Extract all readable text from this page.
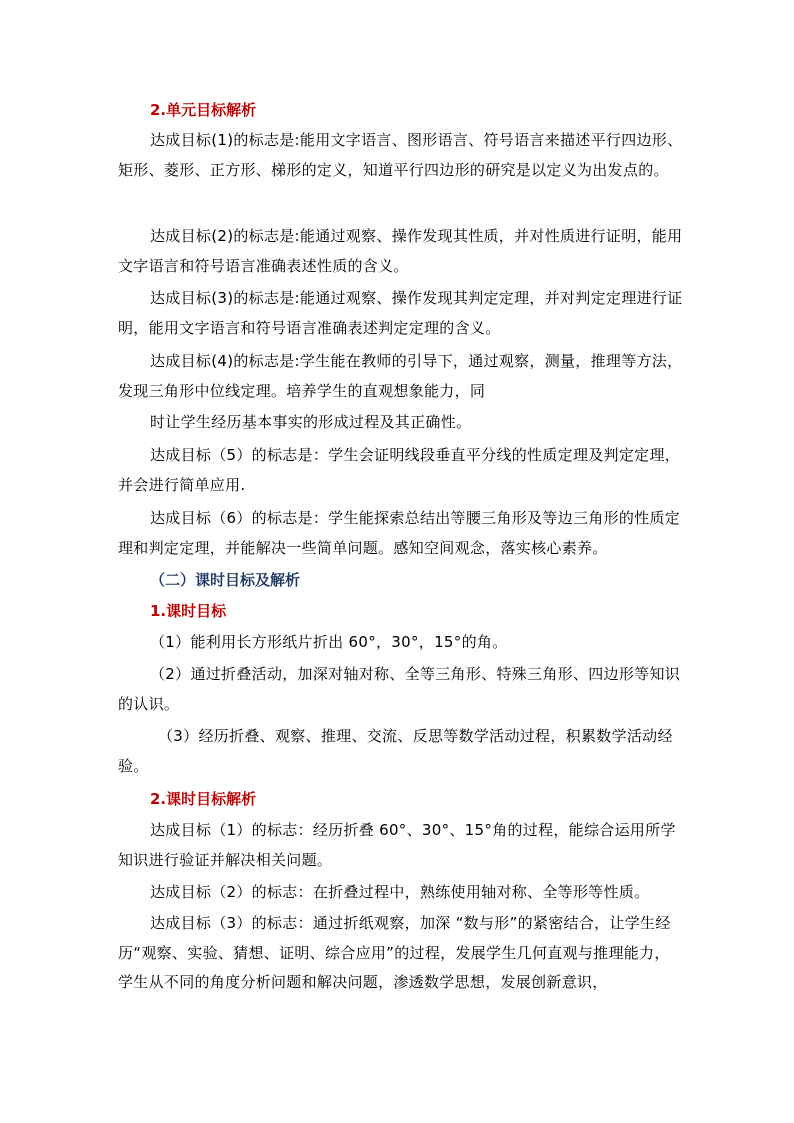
2.单元目标解析

达成目标(1)的标志是:能用文字语言、图形语言、符号语言来描述平行四边形、矩形、菱形、正方形、梯形的定义，知道平行四边形的研究是以定义为出发点的。

达成目标(2)的标志是:能通过观察、操作发现其性质，并对性质进行证明，能用文字语言和符号语言准确表述性质的含义。

达成目标(3)的标志是:能通过观察、操作发现其判定定理，并对判定定理进行证明，能用文字语言和符号语言准确表述判定定理的含义。

达成目标(4)的标志是:学生能在教师的引导下，通过观察，测量，推理等方法，发现三角形中位线定理。培养学生的直观想象能力，同

时让学生经历基本事实的形成过程及其正确性。

达成目标（5）的标志是：学生会证明线段垂直平分线的性质定理及判定定理，并会进行简单应用.

达成目标（6）的标志是：学生能探索总结出等腰三角形及等边三角形的性质定理和判定定理，并能解决一些简单问题。感知空间观念，落实核心素养。

（二）课时目标及解析

1.课时目标

（1）能利用长方形纸片折出 60°，30°，15°的角。

（2）通过折叠活动，加深对轴对称、全等三角形、特殊三角形、四边形等知识的认识。

（3）经历折叠、观察、推理、交流、反思等数学活动过程，积累数学活动经验。

2.课时目标解析

达成目标（1）的标志：经历折叠 60°、30°、15°角的过程，能综合运用所学知识进行验证并解决相关问题。

达成目标（2）的标志：在折叠过程中，熟练使用轴对称、全等形等性质。

达成目标（3）的标志：通过折纸观察，加深 “数与形”的紧密结合，让学生经历“观察、实验、猜想、证明、综合应用”的过程，发展学生几何直观与推理能力，学生从不同的角度分析问题和解决问题，渗透数学思想，发展创新意识，
